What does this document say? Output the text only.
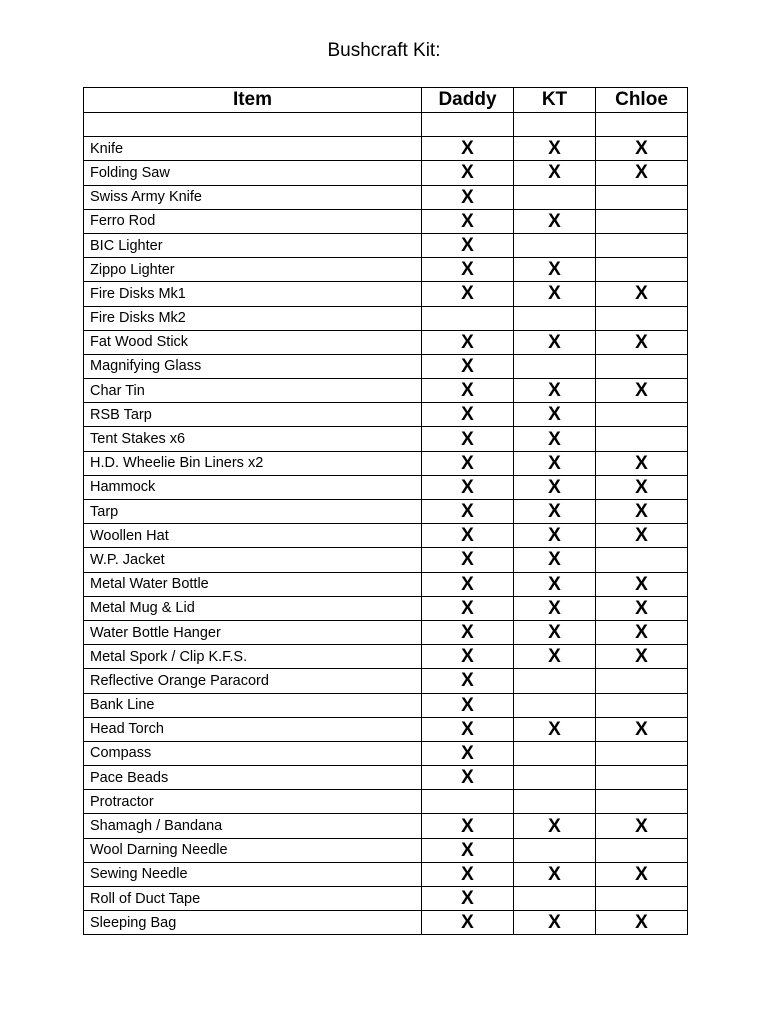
Bushcraft Kit:
Item	Daddy	KT	Chloe

Knife	X	X	X
Folding Saw	X	X	X
Swiss Army Knife	X		
Ferro Rod	X	X	
BIC Lighter	X		
Zippo Lighter	X	X	
Fire Disks Mk1	X	X	X
Fire Disks Mk2			
Fat Wood Stick	X	X	X
Magnifying Glass	X		
Char Tin	X	X	X
RSB Tarp	X	X	
Tent Stakes x6	X	X	
H.D. Wheelie Bin Liners x2	X	X	X
Hammock	X	X	X
Tarp	X	X	X
Woollen Hat	X	X	X
W.P. Jacket	X	X	
Metal Water Bottle	X	X	X
Metal Mug & Lid	X	X	X
Water Bottle Hanger	X	X	X
Metal Spork / Clip K.F.S.	X	X	X
Reflective Orange Paracord	X		
Bank Line	X		
Head Torch	X	X	X
Compass	X		
Pace Beads	X		
Protractor			
Shamagh / Bandana	X	X	X
Wool Darning Needle	X		
Sewing Needle	X	X	X
Roll of Duct Tape	X		
Sleeping Bag	X	X	X
